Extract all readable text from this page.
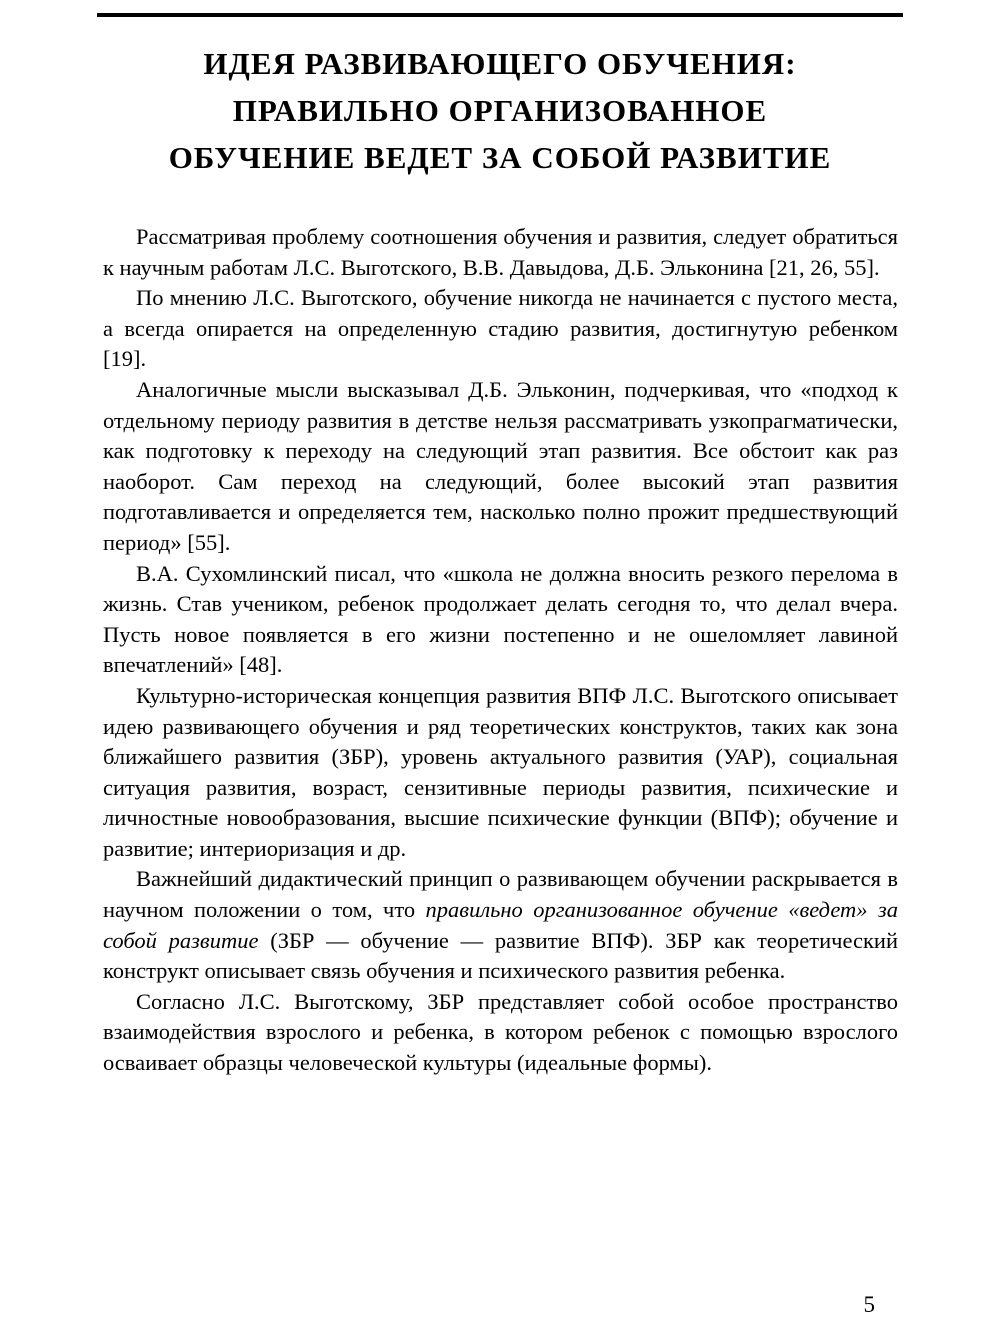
ИДЕЯ РАЗВИВАЮЩЕГО ОБУЧЕНИЯ:
ПРАВИЛЬНО ОРГАНИЗОВАННОЕ
ОБУЧЕНИЕ ВЕДЕТ ЗА СОБОЙ РАЗВИТИЕ

Рассматривая проблему соотношения обучения и развития, следует обратиться к научным работам Л.С. Выготского, В.В. Давыдова, Д.Б. Эльконина [21, 26, 55].

По мнению Л.С. Выготского, обучение никогда не начинается с пустого места, а всегда опирается на определенную стадию развития, достигнутую ребенком [19].

Аналогичные мысли высказывал Д.Б. Эльконин, подчеркивая, что «подход к отдельному периоду развития в детстве нельзя рассматривать узкопрагматически, как подготовку к переходу на следующий этап развития. Все обстоит как раз наоборот. Сам переход на следующий, более высокий этап развития подготавливается и определяется тем, насколько полно прожит предшествующий период» [55].

В.А. Сухомлинский писал, что «школа не должна вносить резкого перелома в жизнь. Став учеником, ребенок продолжает делать сегодня то, что делал вчера. Пусть новое появляется в его жизни постепенно и не ошеломляет лавиной впечатлений» [48].

Культурно-историческая концепция развития ВПФ Л.С. Выготского описывает идею развивающего обучения и ряд теоретических конструктов, таких как зона ближайшего развития (ЗБР), уровень актуального развития (УАР), социальная ситуация развития, возраст, сензитивные периоды развития, психические и личностные новообразования, высшие психические функции (ВПФ); обучение и развитие; интериоризация и др.

Важнейший дидактический принцип о развивающем обучении раскрывается в научном положении о том, что правильно организованное обучение «ведет» за собой развитие (ЗБР — обучение — развитие ВПФ). ЗБР как теоретический конструкт описывает связь обучения и психического развития ребенка.

Согласно Л.С. Выготскому, ЗБР представляет собой особое пространство взаимодействия взрослого и ребенка, в котором ребенок с помощью взрослого осваивает образцы человеческой культуры (идеальные формы).

5
